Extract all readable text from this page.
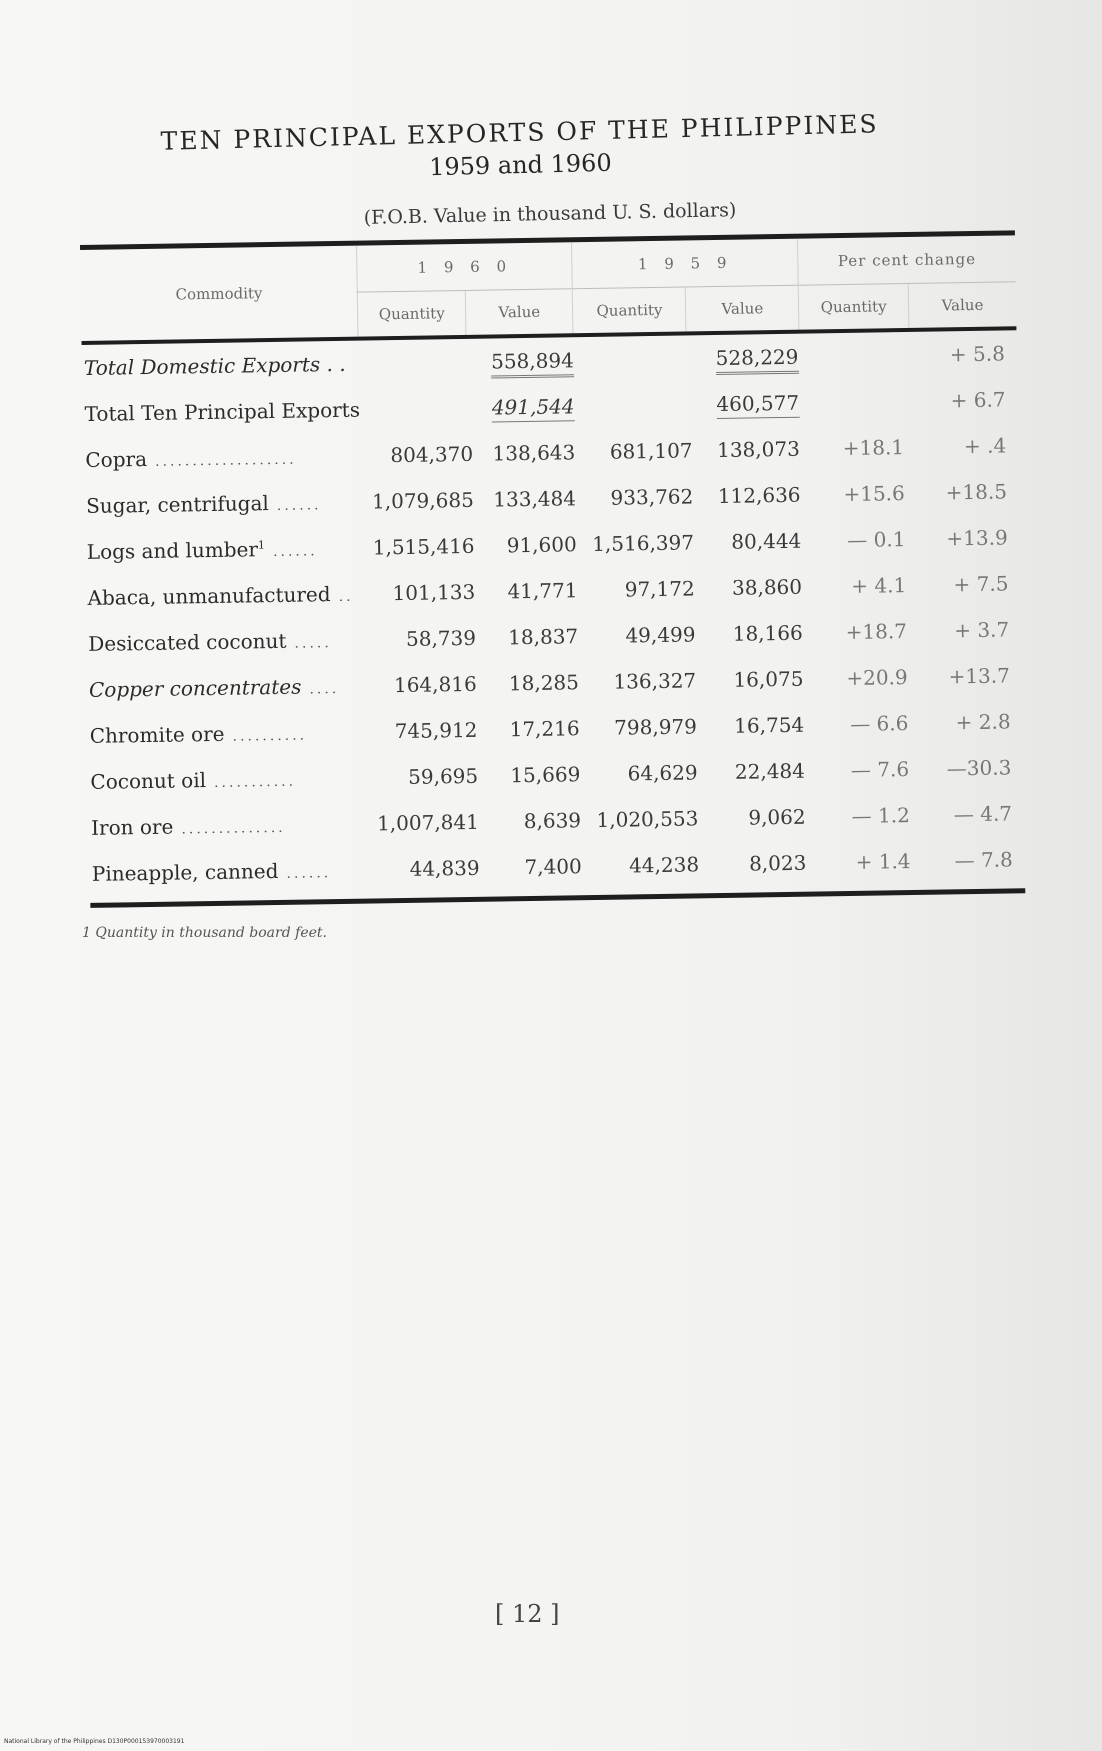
TEN PRINCIPAL EXPORTS OF THE PHILIPPINES
1959 and 1960
(F.O.B. Value in thousand U. S. dollars)
Commodity	1 9 6 0		1 9 5 9		Per cent change	
	Quantity	Value	Quantity	Value	Quantity	Value
Total Domestic Exports . .		558,894		528,229		+ 5.8
Total Ten Principal Exports		491,544		460,577		+ 6.7
Copra ...................	804,370	138,643	681,107	138,073	+18.1	+ .4
Sugar, centrifugal ......	1,079,685	133,484	933,762	112,636	+15.6	+18.5
Logs and lumber$^1$ ......	1,515,416	91,600	1,516,397	80,444	— 0.1	+13.9
Abaca, unmanufactured ..	101,133	41,771	97,172	38,860	+ 4.1	+ 7.5
Desiccated coconut .....	58,739	18,837	49,499	18,166	+18.7	+ 3.7
Copper concentrates ....	164,816	18,285	136,327	16,075	+20.9	+13.7
Chromite ore ..........	745,912	17,216	798,979	16,754	— 6.6	+ 2.8
Coconut oil ...........	59,695	15,669	64,629	22,484	— 7.6	—30.3
Iron ore ..............	1,007,841	8,639	1,020,553	9,062	— 1.2	— 4.7
Pineapple, canned ......	44,839	7,400	44,238	8,023	+ 1.4	— 7.8
1 Quantity in thousand board feet.
[ 12 ]
National Library of the Philippines D130P000153970003191
